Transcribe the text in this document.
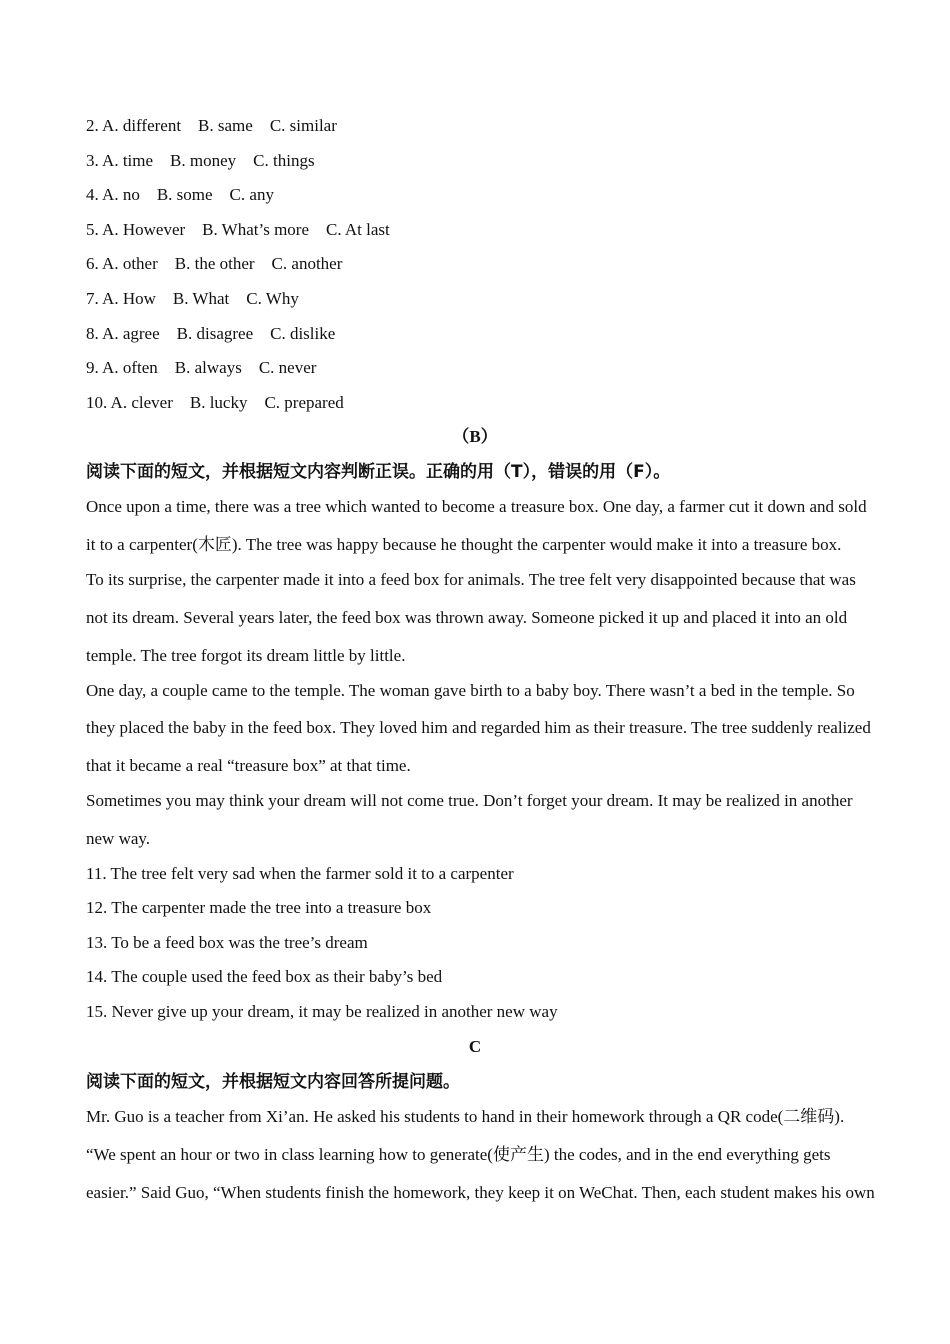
2. A. different    B. same    C. similar
3. A. time    B. money    C. things
4. A. no    B. some    C. any
5. A. However    B. What’s more    C. At last
6. A. other    B. the other    C. another
7. A. How    B. What    C. Why
8. A. agree    B. disagree    C. dislike
9. A. often    B. always    C. never
10. A. clever    B. lucky    C. prepared
（B）
阅读下面的短文，并根据短文内容判断正误。正确的用（T），错误的用（F）。
Once upon a time, there was a tree which wanted to become a treasure box. One day, a farmer cut it down and sold
it to a carpenter(木匠). The tree was happy because he thought the carpenter would make it into a treasure box.
To its surprise, the carpenter made it into a feed box for animals. The tree felt very disappointed because that was
not its dream. Several years later, the feed box was thrown away. Someone picked it up and placed it into an old
temple. The tree forgot its dream little by little.
One day, a couple came to the temple. The woman gave birth to a baby boy. There wasn’t a bed in the temple. So
they placed the baby in the feed box. They loved him and regarded him as their treasure. The tree suddenly realized
that it became a real “treasure box” at that time.
Sometimes you may think your dream will not come true. Don’t forget your dream. It may be realized in another
new way.
11. The tree felt very sad when the farmer sold it to a carpenter
12. The carpenter made the tree into a treasure box
13. To be a feed box was the tree’s dream
14. The couple used the feed box as their baby’s bed
15. Never give up your dream, it may be realized in another new way
C
阅读下面的短文，并根据短文内容回答所提问题。
Mr. Guo is a teacher from Xi’an. He asked his students to hand in their homework through a QR code(二维码).
“We spent an hour or two in class learning how to generate(使产生) the codes, and in the end everything gets
easier.” Said Guo, “When students finish the homework, they keep it on WeChat. Then, each student makes his own
